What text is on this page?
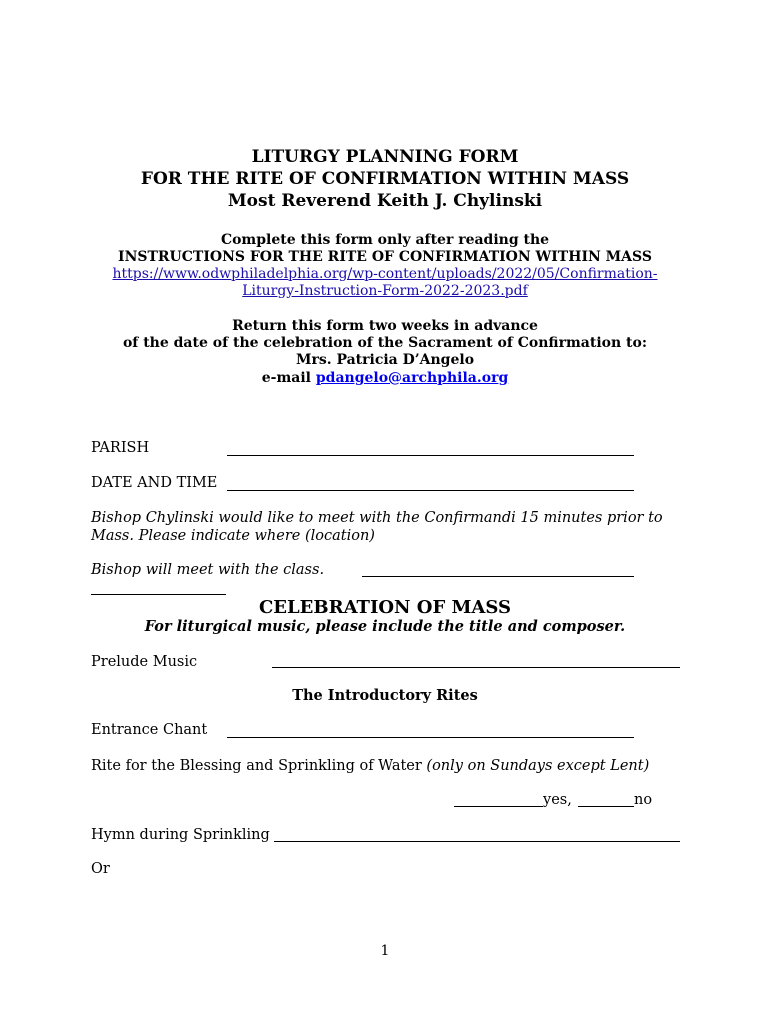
LITURGY PLANNING FORM
FOR THE RITE OF CONFIRMATION WITHIN MASS
Most Reverend Keith J. Chylinski
Complete this form only after reading the
INSTRUCTIONS FOR THE RITE OF CONFIRMATION WITHIN MASS
https://www.odwphiladelphia.org/wp-content/uploads/2022/05/Confirmation-
Liturgy-Instruction-Form-2022-2023.pdf
Return this form two weeks in advance
of the date of the celebration of the Sacrament of Confirmation to:
Mrs. Patricia D’Angelo
e-mail pdangelo@archphila.org
PARISH
DATE AND TIME
Bishop Chylinski would like to meet with the Confirmandi 15 minutes prior to
Mass. Please indicate where (location)
Bishop will meet with the class.
CELEBRATION OF MASS
For liturgical music, please include the title and composer.
Prelude Music
The Introductory Rites
Entrance Chant
Rite for the Blessing and Sprinkling of Water (only on Sundays except Lent)
yes,	no
Hymn during Sprinkling
Or
1
